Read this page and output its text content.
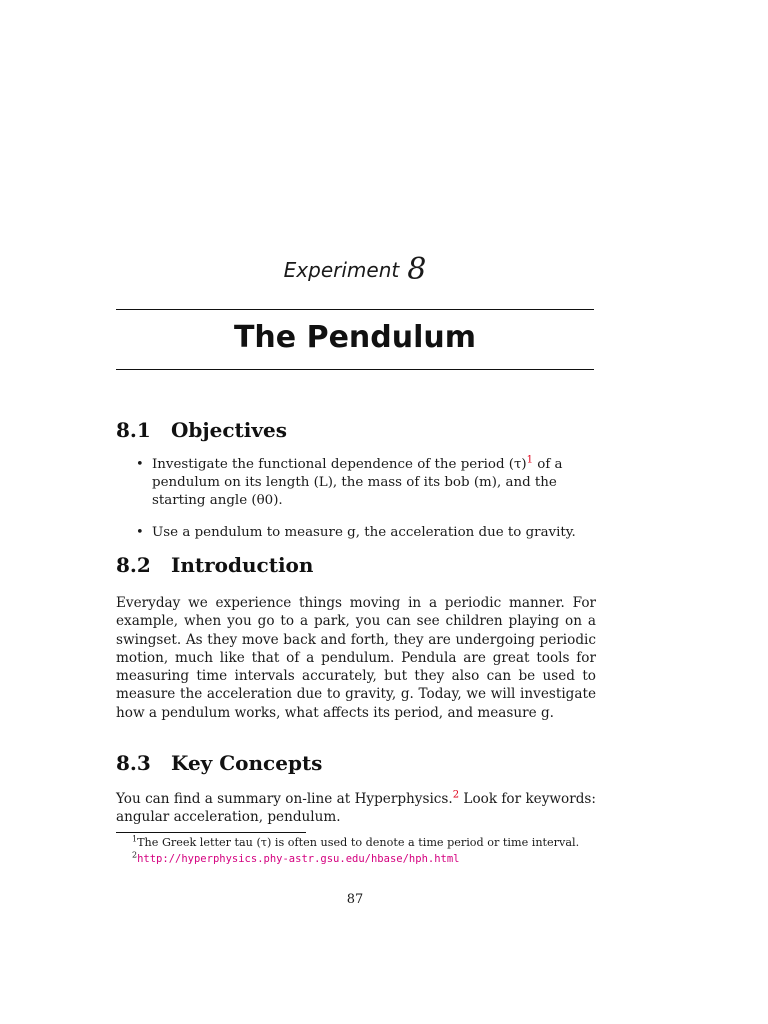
Experiment 8
The Pendulum
8.1 Objectives
• Investigate the functional dependence of the period (τ)$^1$ of a pendulum on its length (L), the mass of its bob (m), and the starting angle (θ0).
• Use a pendulum to measure g, the acceleration due to gravity.
8.2 Introduction

Everyday we experience things moving in a periodic manner. For example, when you go to a park, you can see children playing on a swingset. As they move back and forth, they are undergoing periodic motion, much like that of a pendulum. Pendula are great tools for measuring time intervals accurately, but they also can be used to measure the acceleration due to gravity, g. Today, we will investigate how a pendulum works, what affects its period, and measure g.

8.3 Key Concepts

You can find a summary on-line at Hyperphysics.$^2$ Look for keywords: angular acceleration, pendulum.

$^1$The Greek letter tau (τ) is often used to denote a time period or time interval.

$^2$http://hyperphysics.phy-astr.gsu.edu/hbase/hph.html

87
